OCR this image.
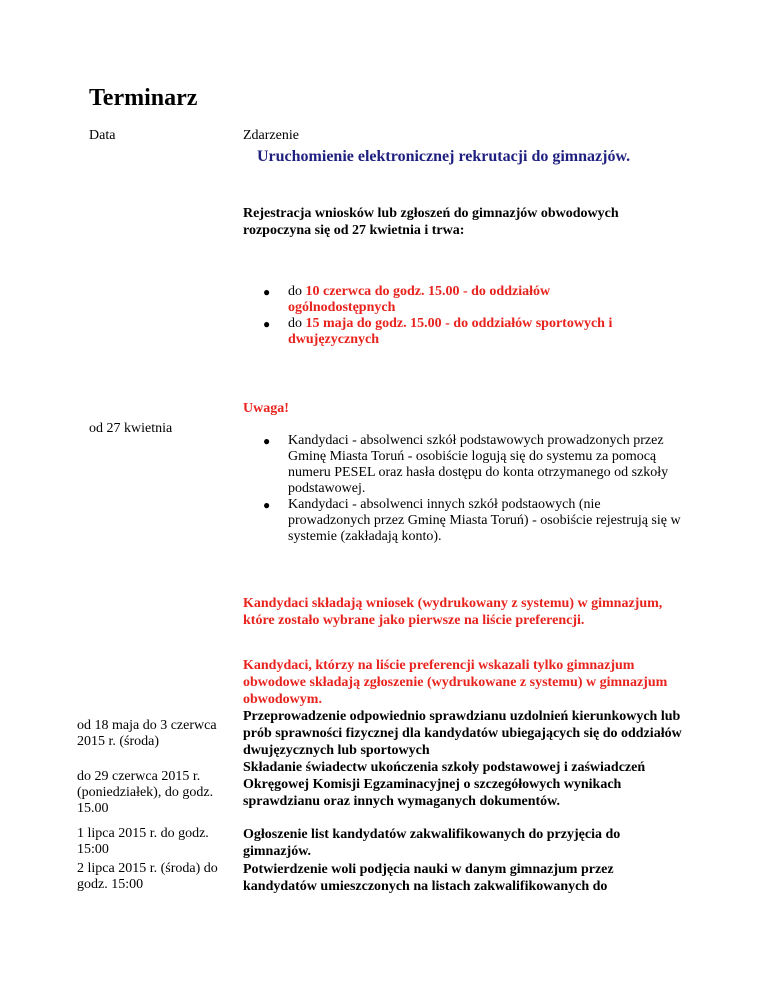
Terminarz
Data	Zdarzenie
Uruchomienie elektronicznej rekrutacji do gimnazjów.

Rejestracja wniosków lub zgłoszeń do gimnazjów obwodowych rozpoczyna się od 27 kwietnia i trwa:

● do 10 czerwca do godz. 15.00 - do oddziałów ogólnodostępnych
● do 15 maja do godz. 15.00 - do oddziałów sportowych i dwujęzycznych
Uwaga!
od 27 kwietnia
● Kandydaci - absolwenci szkół podstawowych prowadzonych przez Gminę Miasta Toruń - osobiście logują się do systemu za pomocą numeru PESEL oraz hasła dostępu do konta otrzymanego od szkoły podstawowej.
● Kandydaci - absolwenci innych szkół podstaowych (nie prowadzonych przez Gminę Miasta Toruń) - osobiście rejestrują się w systemie (zakładają konto).

Kandydaci składają wniosek (wydrukowany z systemu) w gimnazjum, które zostało wybrane jako pierwsze na liście preferencji.

Kandydaci, którzy na liście preferencji wskazali tylko gimnazjum obwodowe składają zgłoszenie (wydrukowane z systemu) w gimnazjum obwodowym.

od 18 maja do 3 czerwca 2015 r. (środa)
Przeprowadzenie odpowiednio sprawdzianu uzdolnień kierunkowych lub prób sprawności fizycznej dla kandydatów ubiegających się do oddziałów dwujęzycznych lub sportowych
do 29 czerwca 2015 r. (poniedziałek), do godz. 15.00
Składanie świadectw ukończenia szkoły podstawowej i zaświadczeń Okręgowej Komisji Egzaminacyjnej o szczegółowych wynikach sprawdzianu oraz innych wymaganych dokumentów.
1 lipca 2015 r. do godz. 15:00
Ogłoszenie list kandydatów zakwalifikowanych do przyjęcia do gimnazjów.
2 lipca 2015 r. (środa) do godz. 15:00
Potwierdzenie woli podjęcia nauki w danym gimnazjum przez kandydatów umieszczonych na listach zakwalifikowanych do
